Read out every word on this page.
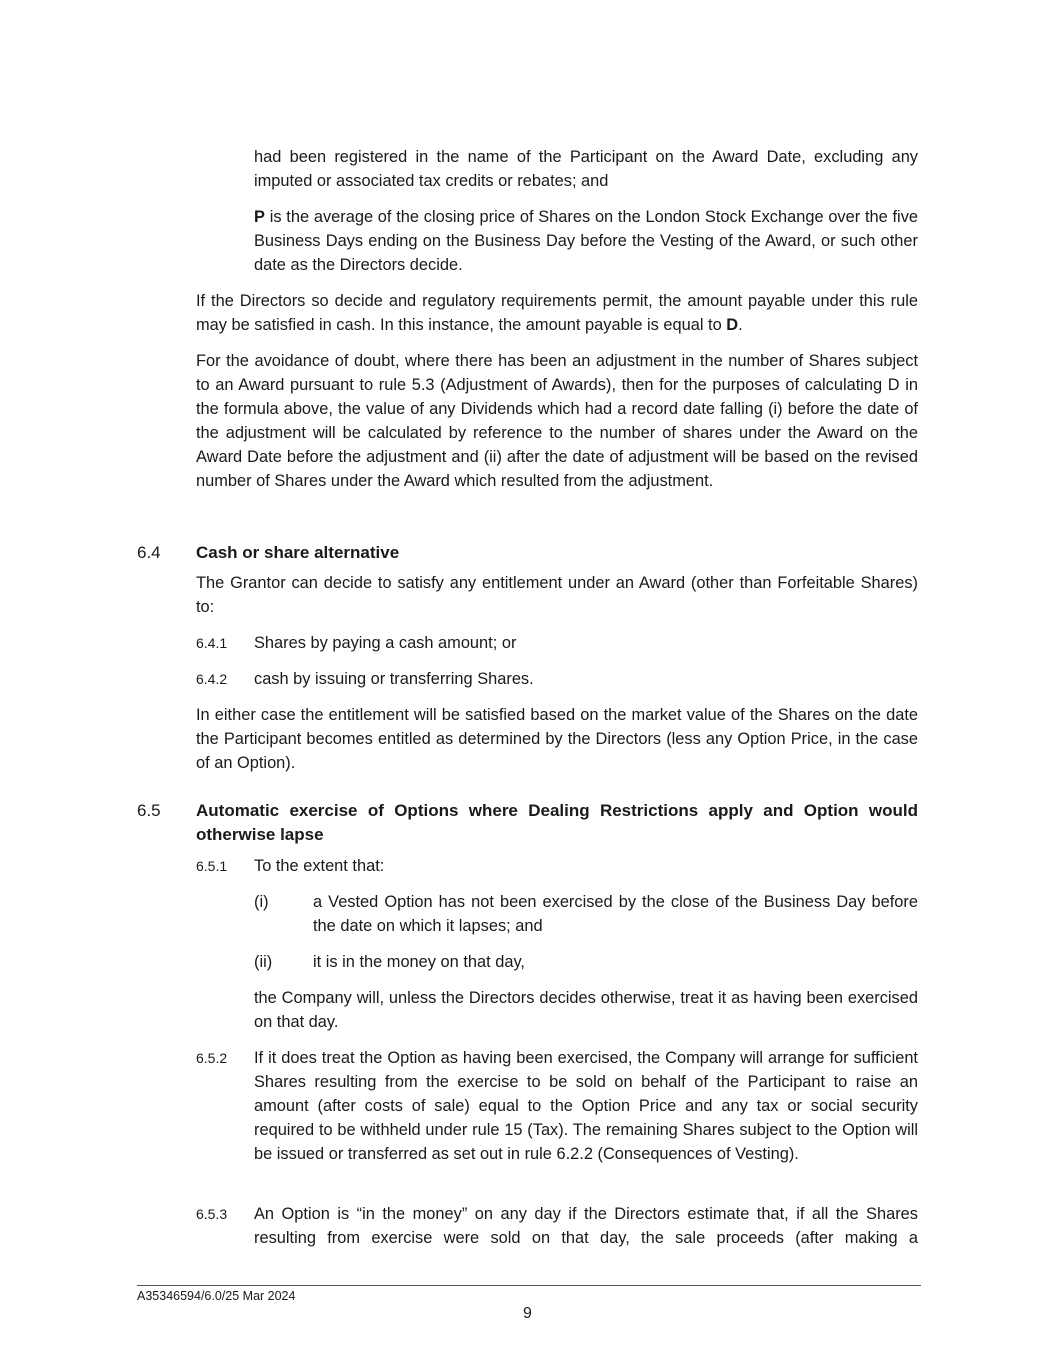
had been registered in the name of the Participant on the Award Date, excluding any imputed or associated tax credits or rebates; and

P is the average of the closing price of Shares on the London Stock Exchange over the five Business Days ending on the Business Day before the Vesting of the Award, or such other date as the Directors decide.

If the Directors so decide and regulatory requirements permit, the amount payable under this rule may be satisfied in cash. In this instance, the amount payable is equal to D.

For the avoidance of doubt, where there has been an adjustment in the number of Shares subject to an Award pursuant to rule 5.3 (Adjustment of Awards), then for the purposes of calculating D in the formula above, the value of any Dividends which had a record date falling (i) before the date of the adjustment will be calculated by reference to the number of shares under the Award on the Award Date before the adjustment and (ii) after the date of adjustment will be based on the revised number of Shares under the Award which resulted from the adjustment.

6.4 Cash or share alternative

The Grantor can decide to satisfy any entitlement under an Award (other than Forfeitable Shares) to:

6.4.1 Shares by paying a cash amount; or

6.4.2 cash by issuing or transferring Shares.

In either case the entitlement will be satisfied based on the market value of the Shares on the date the Participant becomes entitled as determined by the Directors (less any Option Price, in the case of an Option).

6.5 Automatic exercise of Options where Dealing Restrictions apply and Option would otherwise lapse

6.5.1 To the extent that:

(i)	a Vested Option has not been exercised by the close of the Business Day before the date on which it lapses; and

(ii) it is in the money on that day,

the Company will, unless the Directors decides otherwise, treat it as having been exercised on that day.

6.5.2 If it does treat the Option as having been exercised, the Company will arrange for sufficient Shares resulting from the exercise to be sold on behalf of the Participant to raise an amount (after costs of sale) equal to the Option Price and any tax or social security required to be withheld under rule 15 (Tax). The remaining Shares subject to the Option will be issued or transferred as set out in rule 6.2.2 (Consequences of Vesting).

6.5.3 An Option is “in the money” on any day if the Directors estimate that, if all the Shares resulting from exercise were sold on that day, the sale proceeds (after making a

A35346594/6.0/25 Mar 2024
9
